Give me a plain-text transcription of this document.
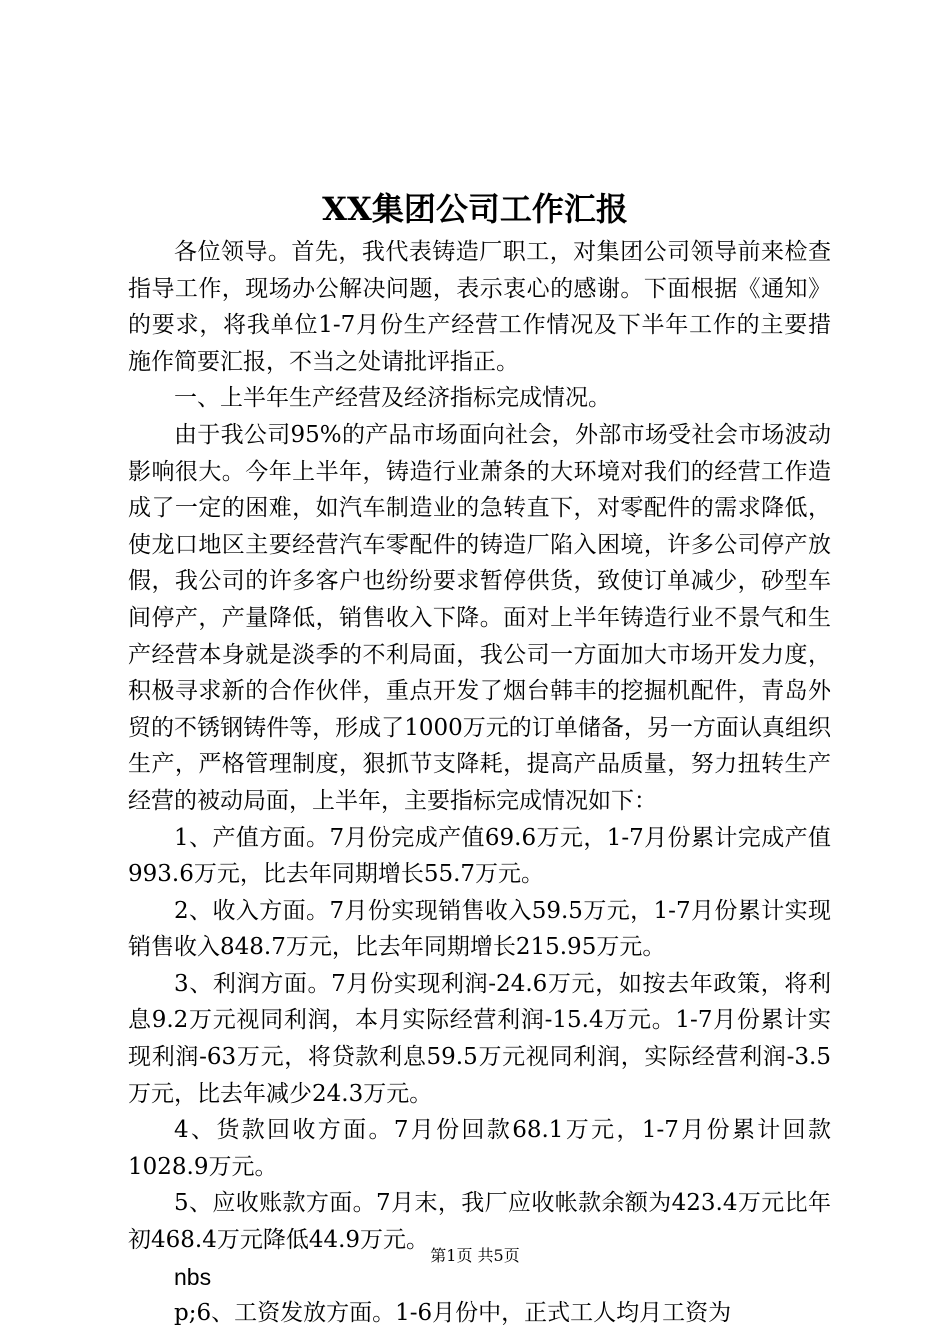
XX集团公司工作汇报

各位领导。首先，我代表铸造厂职工，对集团公司领导前来检查指导工作，现场办公解决问题，表示衷心的感谢。下面根据《通知》的要求，将我单位1-7月份生产经营工作情况及下半年工作的主要措施作简要汇报，不当之处请批评指正。

一、上半年生产经营及经济指标完成情况。

由于我公司95%的产品市场面向社会，外部市场受社会市场波动影响很大。今年上半年，铸造行业萧条的大环境对我们的经营工作造成了一定的困难，如汽车制造业的急转直下，对零配件的需求降低，使龙口地区主要经营汽车零配件的铸造厂陷入困境，许多公司停产放假，我公司的许多客户也纷纷要求暂停供货，致使订单减少，砂型车间停产，产量降低，销售收入下降。面对上半年铸造行业不景气和生产经营本身就是淡季的不利局面，我公司一方面加大市场开发力度，积极寻求新的合作伙伴，重点开发了烟台韩丰的挖掘机配件，青岛外贸的不锈钢铸件等，形成了1000万元的订单储备，另一方面认真组织生产，严格管理制度，狠抓节支降耗，提高产品质量，努力扭转生产经营的被动局面，上半年，主要指标完成情况如下：

1、产值方面。7月份完成产值69.6万元，1-7月份累计完成产值993.6万元，比去年同期增长55.7万元。

2、收入方面。7月份实现销售收入59.5万元，1-7月份累计实现销售收入848.7万元，比去年同期增长215.95万元。

3、利润方面。7月份实现利润-24.6万元，如按去年政策，将利息9.2万元视同利润，本月实际经营利润-15.4万元。1-7月份累计实现利润-63万元，将贷款利息59.5万元视同利润，实际经营利润-3.5万元，比去年减少24.3万元。

4、货款回收方面。7月份回款68.1万元，1-7月份累计回款1028.9万元。

5、应收账款方面。7月末，我厂应收帐款余额为423.4万元比年初468.4万元降低44.9万元。

nbs

p;6、工资发放方面。1-6月份中，正式工人均月工资为

第1页 共5页
